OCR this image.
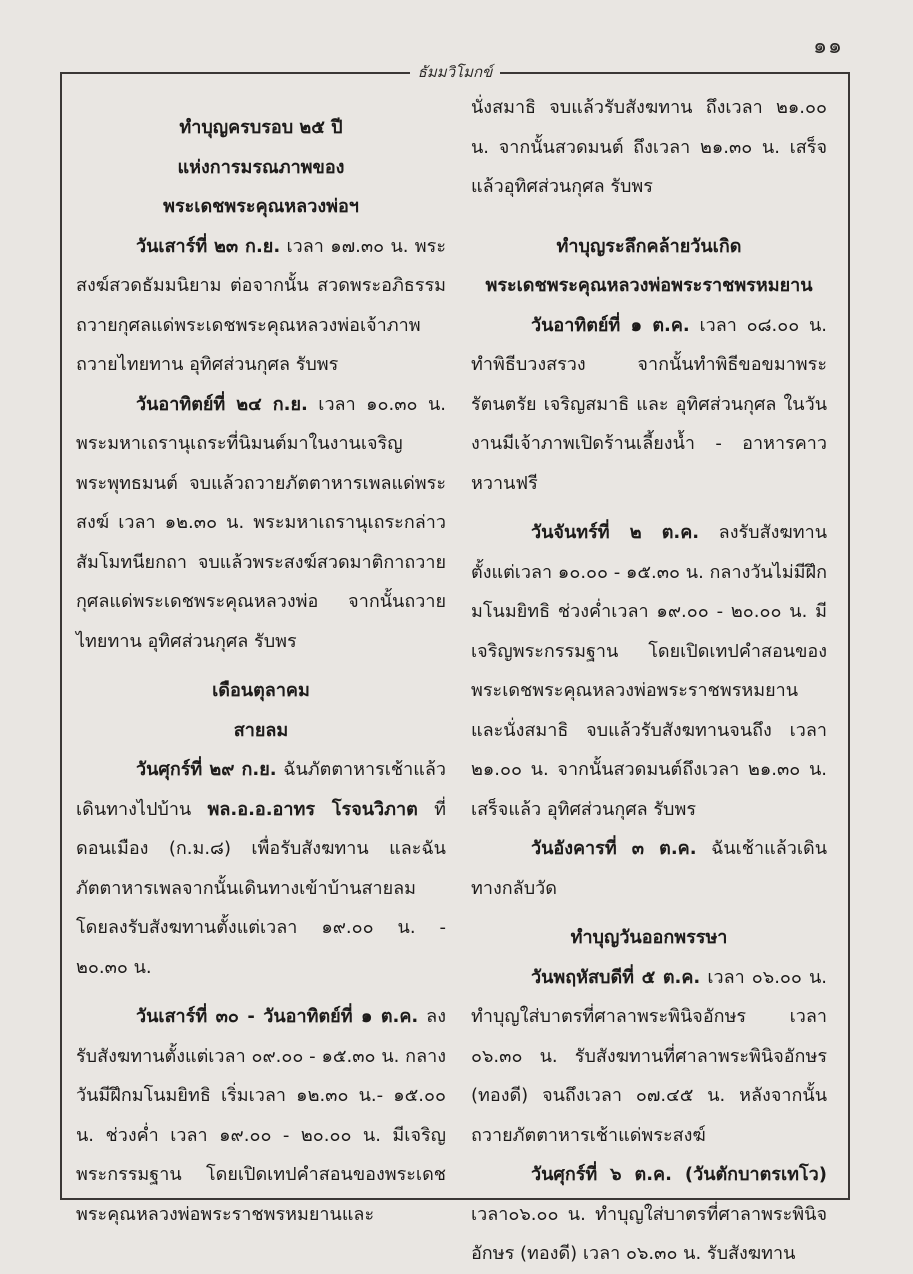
๑๑
ธัมมวิโมกข์
ทำบุญครบรอบ ๒๕ ปี
แห่งการมรณภาพของ
พระเดชพระคุณหลวงพ่อฯ

วันเสาร์ที่ ๒๓ ก.ย. เวลา ๑๗.๓๐ น. พระสงฆ์สวดธัมมนิยาม ต่อจากนั้น สวดพระอภิธรรมถวายกุศลแด่พระเดชพระคุณหลวงพ่อเจ้าภาพถวายไทยทาน อุทิศส่วนกุศล รับพร

วันอาทิตย์ที่ ๒๔ ก.ย. เวลา ๑๐.๓๐ น. พระมหาเถรานุเถระที่นิมนต์มาในงานเจริญพระพุทธมนต์ จบแล้วถวายภัตตาหารเพลแด่พระสงฆ์ เวลา ๑๒.๓๐ น. พระมหาเถรานุเถระกล่าวสัมโมทนียกถา จบแล้วพระสงฆ์สวดมาติกาถวายกุศลแด่พระเดชพระคุณหลวงพ่อ จากนั้นถวายไทยทาน อุทิศส่วนกุศล รับพร

เดือนตุลาคม
สายลม

วันศุกร์ที่ ๒๙ ก.ย. ฉันภัตตาหารเช้าแล้วเดินทางไปบ้าน พล.อ.อ.อาทร โรจนวิภาต ที่ดอนเมือง (ก.ม.๘) เพื่อรับสังฆทาน และฉันภัตตาหารเพลจากนั้นเดินทางเข้าบ้านสายลม โดยลงรับสังฆทานตั้งแต่เวลา ๑๙.๐๐ น. - ๒๐.๓๐ น.

วันเสาร์ที่ ๓๐ - วันอาทิตย์ที่ ๑ ต.ค. ลงรับสังฆทานตั้งแต่เวลา ๐๙.๐๐ - ๑๕.๓๐ น. กลางวันมีฝึกมโนมยิทธิ เริ่มเวลา ๑๒.๓๐ น.- ๑๕.๐๐ น. ช่วงค่ำ เวลา ๑๙.๐๐ - ๒๐.๐๐ น. มีเจริญพระกรรมฐาน โดยเปิดเทปคำสอนของพระเดชพระคุณหลวงพ่อพระราชพรหมยานและ

นั่งสมาธิ จบแล้วรับสังฆทาน ถึงเวลา ๒๑.๐๐ น. จากนั้นสวดมนต์ ถึงเวลา ๒๑.๓๐ น. เสร็จแล้วอุทิศส่วนกุศล รับพร

ทำบุญระลึกคล้ายวันเกิด
พระเดชพระคุณหลวงพ่อพระราชพรหมยาน

วันอาทิตย์ที่ ๑ ต.ค. เวลา ๐๘.๐๐ น. ทำพิธีบวงสรวง จากนั้นทำพิธีขอขมาพระรัตนตรัย เจริญสมาธิ และ อุทิศส่วนกุศล ในวันงานมีเจ้าภาพเปิดร้านเลี้ยงน้ำ - อาหารคาวหวานฟรี

วันจันทร์ที่ ๒ ต.ค. ลงรับสังฆทานตั้งแต่เวลา ๑๐.๐๐ - ๑๕.๓๐ น. กลางวันไม่มีฝึกมโนมยิทธิ ช่วงค่ำเวลา ๑๙.๐๐ - ๒๐.๐๐ น. มีเจริญพระกรรมฐาน โดยเปิดเทปคำสอนของพระเดชพระคุณหลวงพ่อพระราชพรหมยานและนั่งสมาธิ จบแล้วรับสังฆทานจนถึง เวลา ๒๑.๐๐ น. จากนั้นสวดมนต์ถึงเวลา ๒๑.๓๐ น. เสร็จแล้ว อุทิศส่วนกุศล รับพร

วันอังคารที่ ๓ ต.ค. ฉันเช้าแล้วเดินทางกลับวัด

ทำบุญวันออกพรรษา

วันพฤหัสบดีที่ ๕ ต.ค. เวลา ๐๖.๐๐ น. ทำบุญใส่บาตรที่ศาลาพระพินิจอักษร เวลา ๐๖.๓๐ น. รับสังฆทานที่ศาลาพระพินิจอักษร (ทองดี) จนถึงเวลา ๐๗.๔๕ น. หลังจากนั้นถวายภัตตาหารเช้าแด่พระสงฆ์

วันศุกร์ที่ ๖ ต.ค. (วันตักบาตรเทโว) เวลา๐๖.๐๐ น. ทำบุญใส่บาตรที่ศาลาพระพินิจอักษร (ทองดี) เวลา ๐๖.๓๐ น. รับสังฆทาน
